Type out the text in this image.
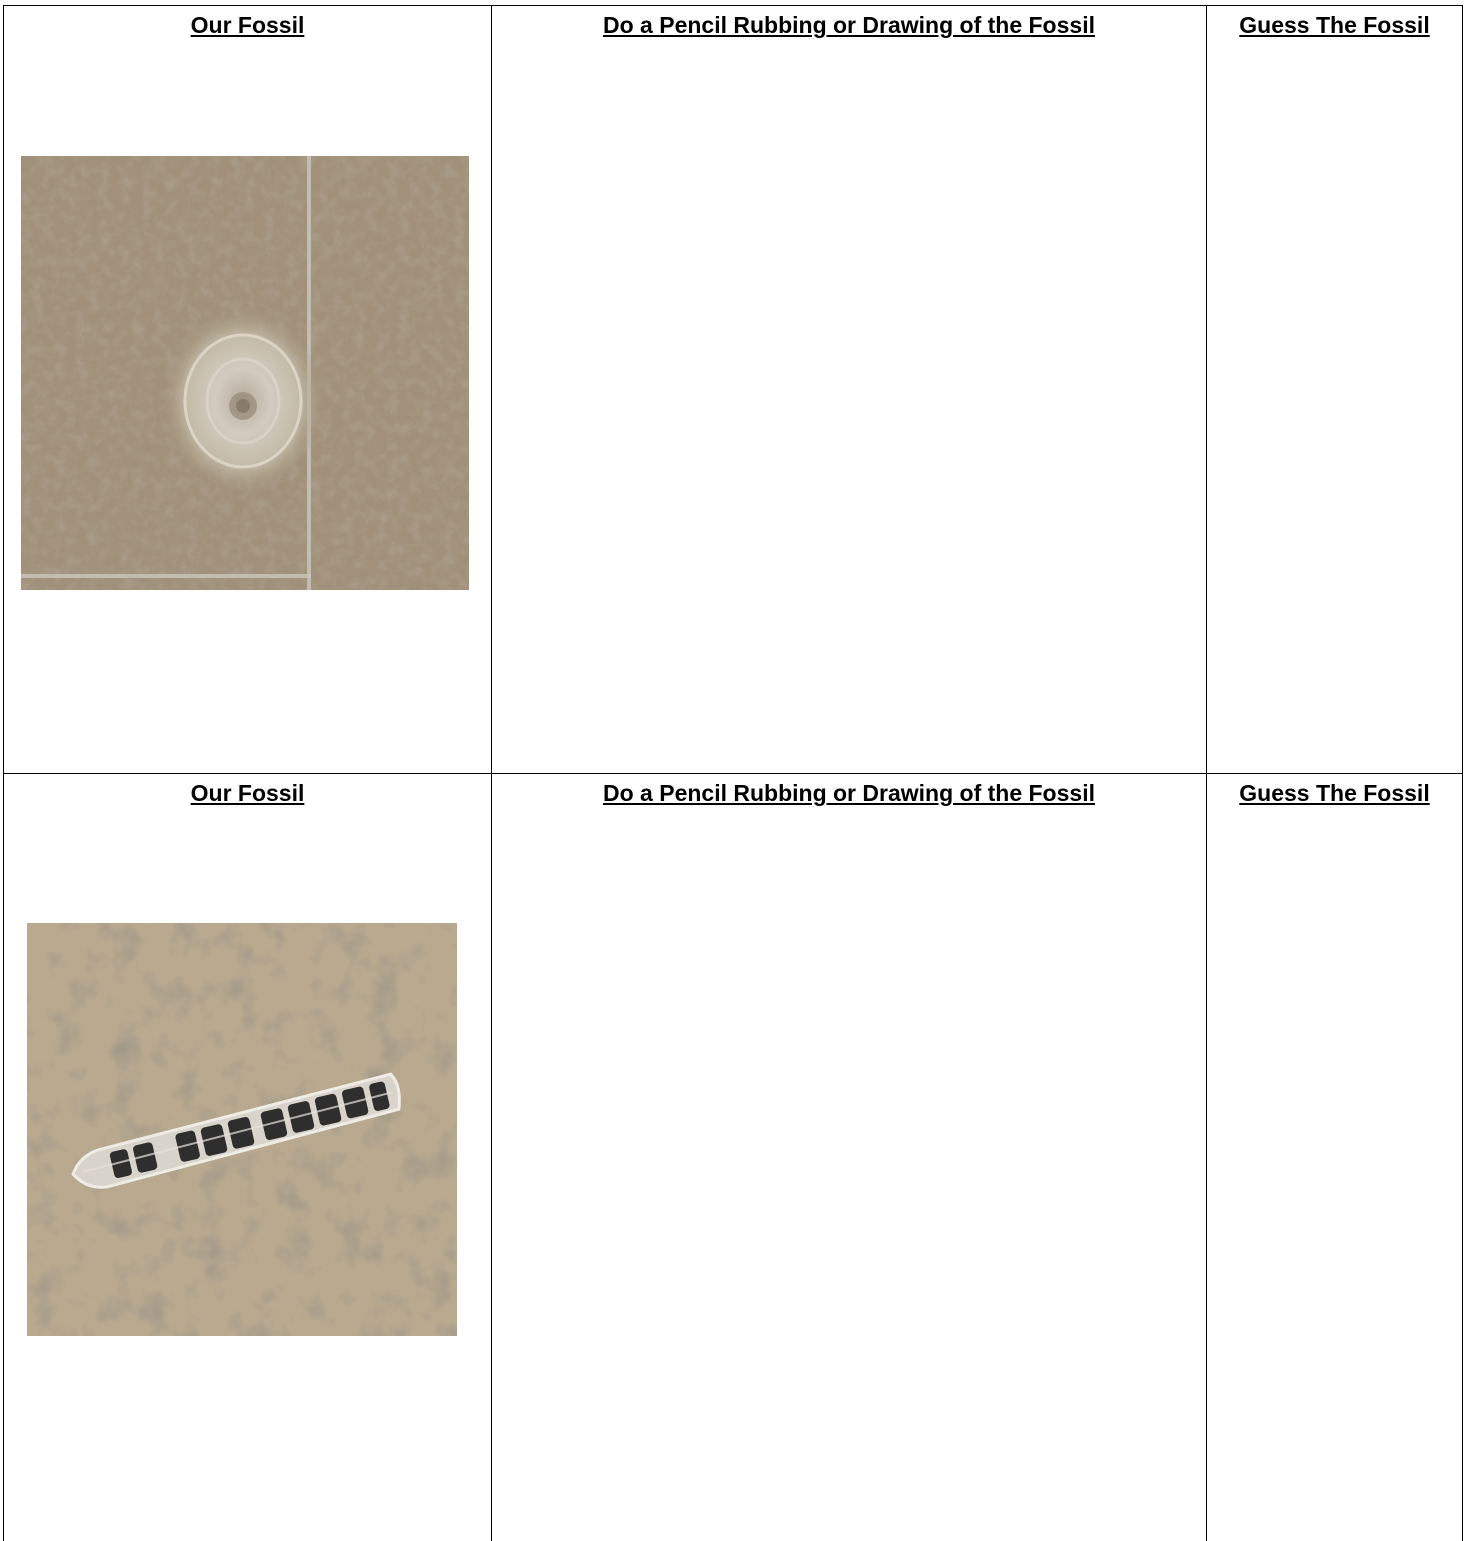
Our Fossil	Do a Pencil Rubbing or Drawing of the Fossil	Guess The Fossil

Our Fossil	Do a Pencil Rubbing or Drawing of the Fossil	Guess The Fossil
